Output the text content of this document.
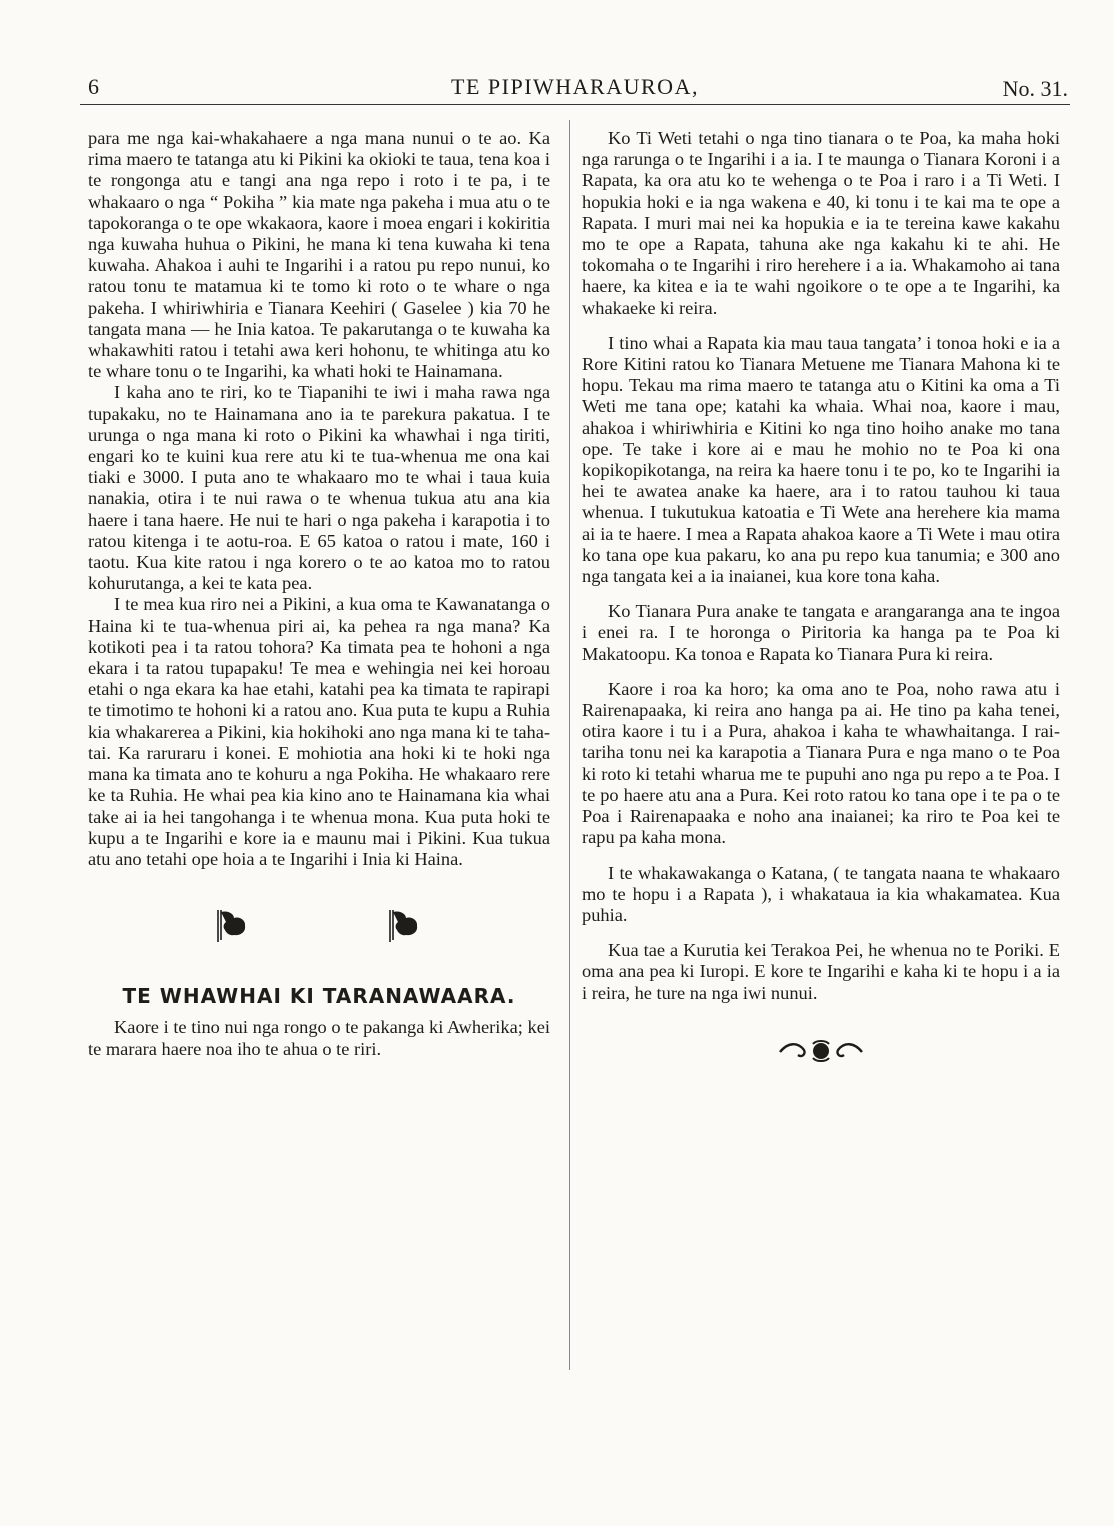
6	TE PIPIWHARAUROA,	No. 31.

para me nga kai-whakahaere a nga mana nunui o te ao. Ka rima maero te tatanga atu ki Pikini ka okioki te taua, tena koa i te rongonga atu e tangi ana nga repo i roto i te pa, i te whakaaro o nga “ Pokiha ” kia mate nga pakeha i mua atu o te tapokoranga o te ope wkakaora, kaore i moea engari i kokiritia nga kuwaha huhua o Pikini, he mana ki tena kuwaha ki tena kuwaha. Ahakoa i auhi te Ingarihi i a ratou pu repo nunui, ko ratou tonu te matamua ki te tomo ki roto o te whare o nga pakeha. I whiriwhiria e Tianara Keehiri ( Gaselee ) kia 70 he tangata mana — he Inia katoa. Te pakarutanga o te kuwaha ka whakawhiti ratou i tetahi awa keri hohonu, te whitinga atu ko te whare tonu o te Ingarihi, ka whati hoki te Hainamana.

I kaha ano te riri, ko te Tiapanihi te iwi i maha rawa nga tupakaku, no te Hainamana ano ia te parekura pakatua. I te urunga o nga mana ki roto o Pikini ka whawhai i nga tiriti, engari ko te kuini kua rere atu ki te tua-whenua me ona kai tiaki e 3000. I puta ano te whakaaro mo te whai i taua kuia nanakia, otira i te nui rawa o te whenua tukua atu ana kia haere i tana haere. He nui te hari o nga pakeha i karapotia i to ratou kitenga i te aotu-roa. E 65 katoa o ratou i mate, 160 i taotu. Kua kite ratou i nga korero o te ao katoa mo to ratou kohurutanga, a kei te kata pea.

I te mea kua riro nei a Pikini, a kua oma te Kawanatanga o Haina ki te tua-whenua piri ai, ka pehea ra nga mana? Ka kotikoti pea i ta ratou tohora? Ka timata pea te hohoni a nga ekara i ta ratou tupapaku! Te mea e wehingia nei kei horoau etahi o nga ekara ka hae etahi, katahi pea ka timata te rapirapi te timotimo te hohoni ki a ratou ano. Kua puta te kupu a Ruhia kia whakarerea a Pikini, kia hokihoki ano nga mana ki te taha-tai. Ka raruraru i konei. E mohiotia ana hoki ki te hoki nga mana ka timata ano te kohuru a nga Pokiha. He whakaaro rere ke ta Ruhia. He whai pea kia kino ano te Hainamana kia whai take ai ia hei tangohanga i te whenua mona. Kua puta hoki te kupu a te Ingarihi e kore ia e maunu mai i Pikini. Kua tukua atu ano tetahi ope hoia a te Ingarihi i Inia ki Haina.

TE WHAWHAI KI TARANAWAARA.

Kaore i te tino nui nga rongo o te pakanga ki Awherika; kei te marara haere noa iho te ahua o te riri.

Ko Ti Weti tetahi o nga tino tianara o te Poa, ka maha hoki nga rarunga o te Ingarihi i a ia. I te maunga o Tianara Koroni i a Rapata, ka ora atu ko te wehenga o te Poa i raro i a Ti Weti. I hopukia hoki e ia nga wakena e 40, ki tonu i te kai ma te ope a Rapata. I muri mai nei ka hopukia e ia te tereina kawe kakahu mo te ope a Rapata, tahuna ake nga kakahu ki te ahi. He tokomaha o te Ingarihi i riro herehere i a ia. Whakamoho ai tana haere, ka kitea e ia te wahi ngoikore o te ope a te Ingarihi, ka whakaeke ki reira.

I tino whai a Rapata kia mau taua tangata’ i tonoa hoki e ia a Rore Kitini ratou ko Tianara Metuene me Tianara Mahona ki te hopu. Tekau ma rima maero te tatanga atu o Kitini ka oma a Ti Weti me tana ope; katahi ka whaia. Whai noa, kaore i mau, ahakoa i whiriwhiria e Kitini ko nga tino hoiho anake mo tana ope. Te take i kore ai e mau he mohio no te Poa ki ona kopikopikotanga, na reira ka haere tonu i te po, ko te Ingarihi ia hei te awatea anake ka haere, ara i to ratou tauhou ki taua whenua. I tukutukua katoatia e Ti Wete ana herehere kia mama ai ia te haere. I mea a Rapata ahakoa kaore a Ti Wete i mau otira ko tana ope kua pakaru, ko ana pu repo kua tanumia; e 300 ano nga tangata kei a ia inaianei, kua kore tona kaha.

Ko Tianara Pura anake te tangata e arangaranga ana te ingoa i enei ra. I te horonga o Piritoria ka hanga pa te Poa ki Makatoopu. Ka tonoa e Rapata ko Tianara Pura ki reira.

Kaore i roa ka horo; ka oma ano te Poa, noho rawa atu i Rairenapaaka, ki reira ano hanga pa ai. He tino pa kaha tenei, otira kaore i tu i a Pura, ahakoa i kaha te whawhaitanga. I rai-tariha tonu nei ka karapotia a Tianara Pura e nga mano o te Poa ki roto ki tetahi wharua me te pupuhi ano nga pu repo a te Poa. I te po haere atu ana a Pura. Kei roto ratou ko tana ope i te pa o te Poa i Rairenapaaka e noho ana inaianei; ka riro te Poa kei te rapu pa kaha mona.

I te whakawakanga o Katana, ( te tangata naana te whakaaro mo te hopu i a Rapata ), i whakataua ia kia whakamatea. Kua puhia.

Kua tae a Kurutia kei Terakoa Pei, he whenua no te Poriki. E oma ana pea ki Iuropi. E kore te Ingarihi e kaha ki te hopu i a ia i reira, he ture na nga iwi nunui.
